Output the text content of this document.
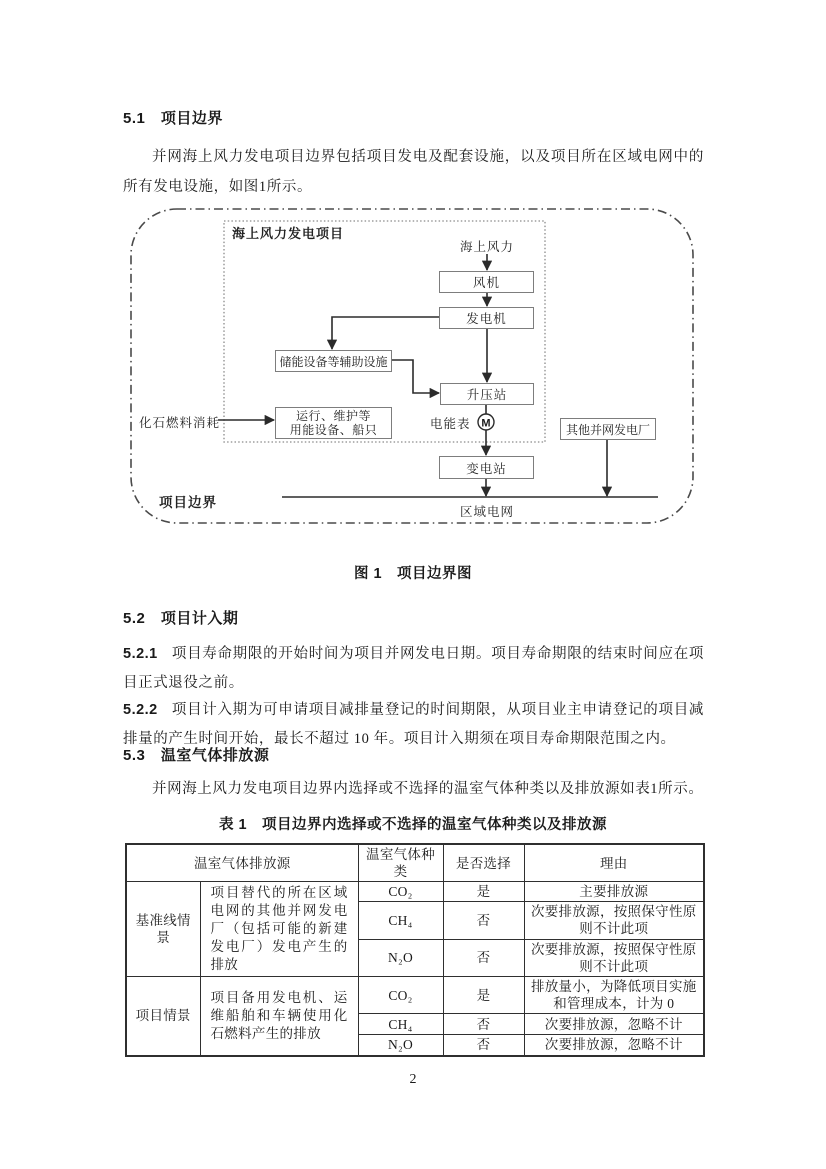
5.1　项目边界
并网海上风力发电项目边界包括项目发电及配套设施，以及项目所在区域电网中的所有发电设施，如图1所示。
M
海上风力发电项目
海上风力
风机
发电机
储能设备等辅助设施
升压站
运行、维护等
用能设备、船只
变电站
其他并网发电厂
电能表
化石燃料消耗
项目边界
区域电网
图 1　项目边界图
5.2　项目计入期
5.2.1 项目寿命期限的开始时间为项目并网发电日期。项目寿命期限的结束时间应在项目正式退役之前。
5.2.2 项目计入期为可申请项目减排量登记的时间期限，从项目业主申请登记的项目减排量的产生时间开始，最长不超过 10 年。项目计入期须在项目寿命期限范围之内。
5.3　温室气体排放源
并网海上风力发电项目边界内选择或不选择的温室气体种类以及排放源如表1所示。
表 1　项目边界内选择或不选择的温室气体种类以及排放源
温室气体排放源		温室气体种类	是否选择	理由
基准线情景	项目替代的所在区域电网的其他并网发电厂（包括可能的新建发电厂）发电产生的排放	CO₂	是	主要排放源
		CH₄	否	次要排放源，按照保守性原则不计此项
		N₂O	否	次要排放源，按照保守性原则不计此项
项目情景	项目备用发电机、运维船舶和车辆使用化石燃料产生的排放	CO₂	是	排放量小，为降低项目实施和管理成本，计为 0
		CH₄	否	次要排放源，忽略不计
		N₂O	否	次要排放源，忽略不计
2
